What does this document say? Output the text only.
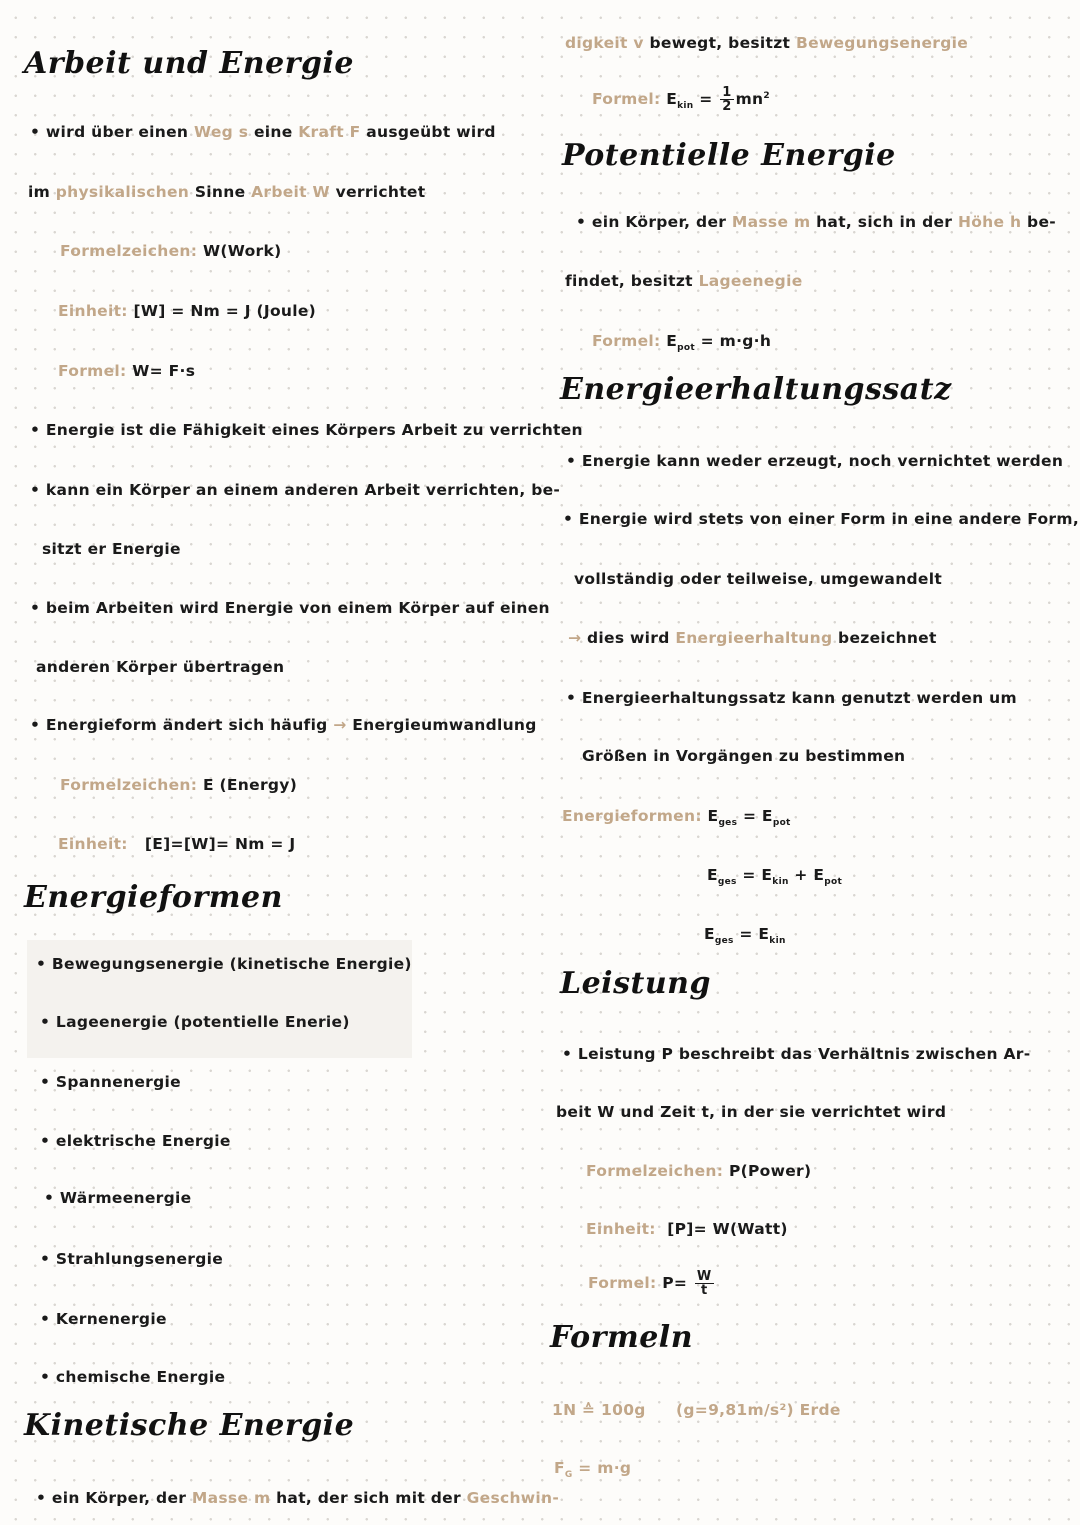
Arbeit und Energie
• wird über einen Weg s eine Kraft F ausgeübt wird
im physikalischen Sinne Arbeit W verrichtet
Formelzeichen: W(Work)
Einheit: [W] = Nm = J (Joule)
Formel: W= F·s
• Energie ist die Fähigkeit eines Körpers Arbeit zu verrichten
• kann ein Körper an einem anderen Arbeit verrichten, be-
sitzt er Energie
• beim Arbeiten wird Energie von einem Körper auf einen
anderen Körper übertragen
• Energieform ändert sich häufig → Energieumwandlung
Formelzeichen: E (Energy)
Einheit: [E]=[W]= Nm = J
Energieformen
• Bewegungsenergie (kinetische Energie)
• Lageenergie (potentielle Enerie)
• Spannenergie
• elektrische Energie
• Wärmeenergie
• Strahlungsenergie
• Kernenergie
• chemische Energie
Kinetische Energie
• ein Körper, der Masse m hat, der sich mit der Geschwin-
digkeit v bewegt, besitzt Bewegungsenergie
Formel: $E_{kin} = \frac{1}{2} mn^2$
Potentielle Energie
• ein Körper, der Masse m hat, sich in der Höhe h be-
findet, besitzt Lageenegie
Formel: $E_{pot} = m\cdot g\cdot h$
Energieerhaltungssatz
• Energie kann weder erzeugt, noch vernichtet werden
• Energie wird stets von einer Form in eine andere Form,
vollständig oder teilweise, umgewandelt
→ dies wird Energieerhaltung bezeichnet
• Energieerhaltungssatz kann genutzt werden um
Größen in Vorgängen zu bestimmen
Energieformen: $E_{ges} = E_{pot}$
$E_{ges} = E_{kin} + E_{pot}$
$E_{ges} = E_{kin}$
Leistung
• Leistung P beschreibt das Verhältnis zwischen Ar-
beit W und Zeit t, in der sie verrichtet wird
Formelzeichen: P(Power)
Einheit: [P]= W(Watt)
Formel: $P= \frac{W}{t}$
Formeln
1N ≙ 100g (g=9,81m/s²) Erde
$F_G = m\cdot g$
